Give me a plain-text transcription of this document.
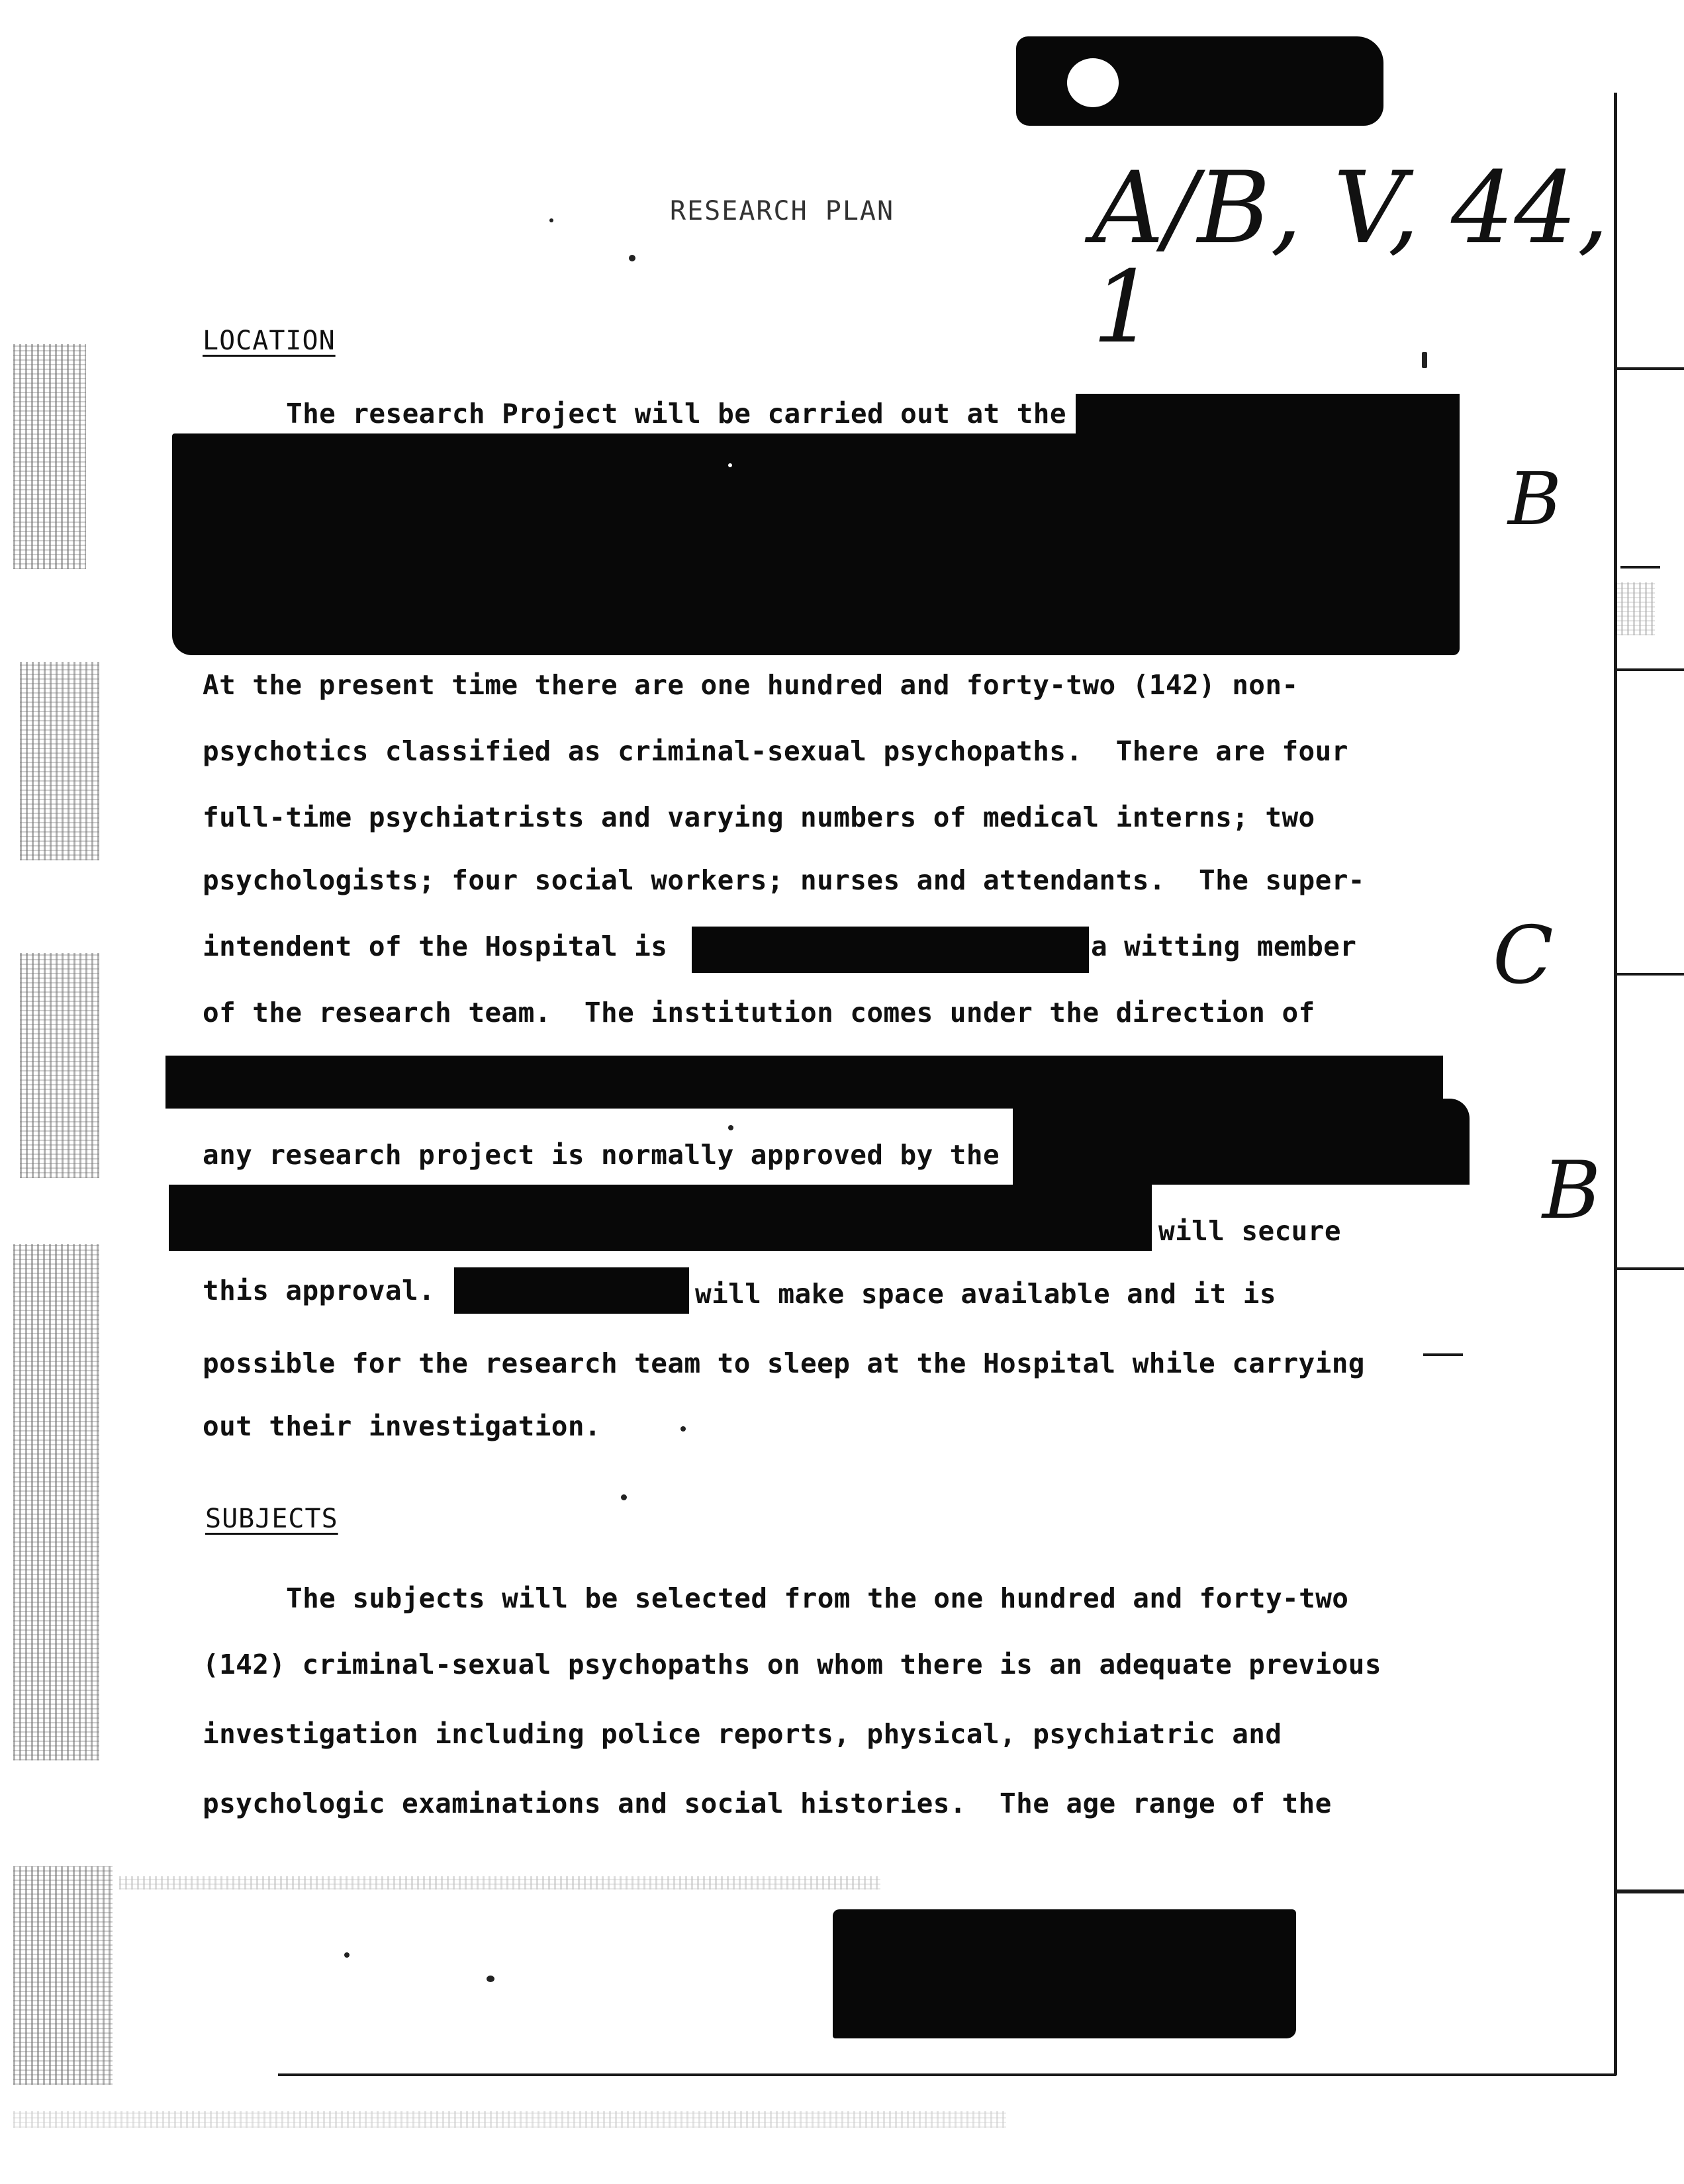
RESEARCH PLAN A/B, V, 44, 1
B
C
B
LOCATION
The research Project will be carried out at the
At the present time there are one hundred and forty-two (142) non-
psychotics classified as criminal-sexual psychopaths.  There are four
full-time psychiatrists and varying numbers of medical interns; two
psychologists; four social workers; nurses and attendants.  The super-
intendent of the Hospital is	a witting member
of the research team.  The institution comes under the direction of
any research project is normally approved by the
will secure
this approval.	will make space available and it is
possible for the research team to sleep at the Hospital while carrying
out their investigation.
SUBJECTS
The subjects will be selected from the one hundred and forty-two
(142) criminal-sexual psychopaths on whom there is an adequate previous
investigation including police reports, physical, psychiatric and
psychologic examinations and social histories.  The age range of the
